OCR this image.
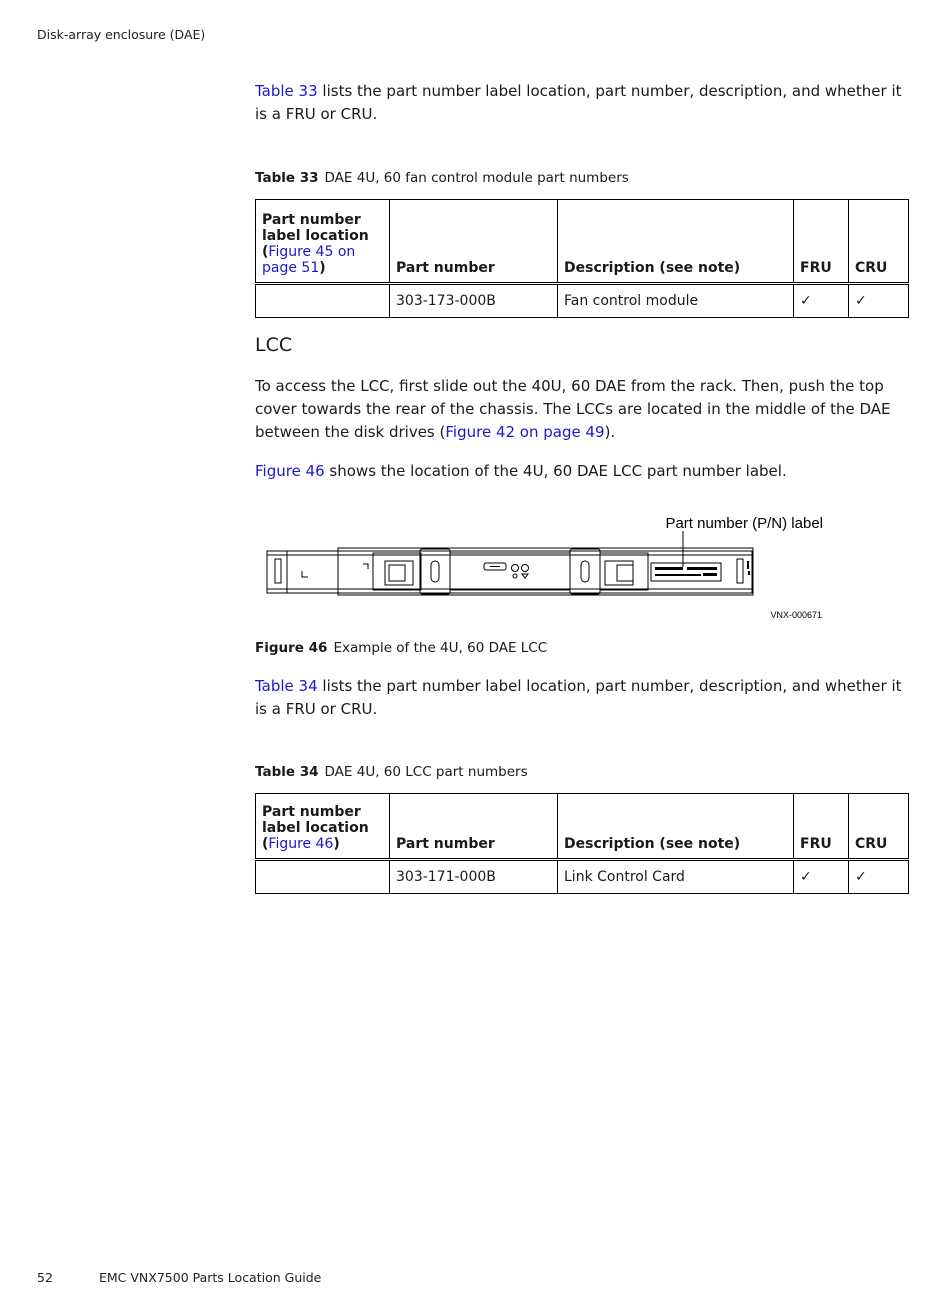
Disk-array enclosure (DAE)
Table 33 lists the part number label location, part number, description, and whether it is a FRU or CRU.
Table 33 DAE 4U, 60 fan control module part numbers
Part number label location (Figure 45 on page 51)	Part number	Description (see note)	FRU	CRU
	303-173-000B	Fan control module	✓	✓
LCC
To access the LCC, first slide out the 40U, 60 DAE from the rack. Then, push the top cover towards the rear of the chassis. The LCCs are located in the middle of the DAE between the disk drives (Figure 42 on page 49).
Figure 46 shows the location of the 4U, 60 DAE LCC part number label.
Part number (P/N) label
VNX-000671
Figure 46 Example of the 4U, 60 DAE LCC
Table 34 lists the part number label location, part number, description, and whether it is a FRU or CRU.
Table 34 DAE 4U, 60 LCC part numbers
Part number label location (Figure 46)	Part number	Description (see note)	FRU	CRU
	303-171-000B	Link Control Card	✓	✓
52	EMC VNX7500 Parts Location Guide
